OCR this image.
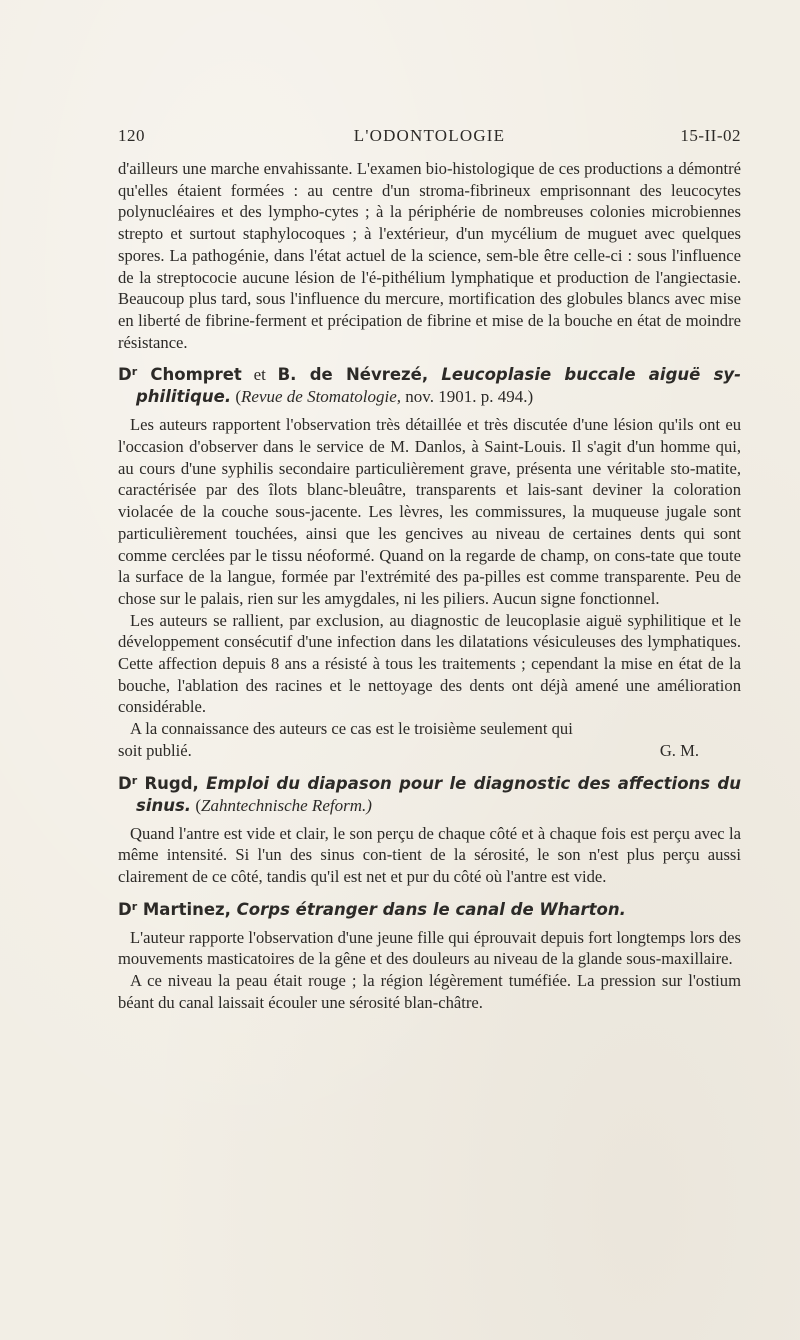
120	L'ODONTOLOGIE	15-II-02

d'ailleurs une marche envahissante. L'examen bio-histologique de ces productions a démontré qu'elles étaient formées : au centre d'un stroma-fibrineux emprisonnant des leucocytes polynucléaires et des lympho-cytes ; à la périphérie de nombreuses colonies microbiennes strepto et surtout staphylocoques ; à l'extérieur, d'un mycélium de muguet avec quelques spores. La pathogénie, dans l'état actuel de la science, sem-ble être celle-ci : sous l'influence de la streptococie aucune lésion de l'é-pithélium lymphatique et production de l'angiectasie. Beaucoup plus tard, sous l'influence du mercure, mortification des globules blancs avec mise en liberté de fibrine-ferment et précipation de fibrine et mise de la bouche en état de moindre résistance.

$D^r$ Chompret et B. de Névrezé, Leucoplasie buccale aiguë sy-philitique. (Revue de Stomatologie, nov. 1901. p. 494.)

Les auteurs rapportent l'observation très détaillée et très discutée d'une lésion qu'ils ont eu l'occasion d'observer dans le service de M. Danlos, à Saint-Louis. Il s'agit d'un homme qui, au cours d'une syphilis secondaire particulièrement grave, présenta une véritable sto-matite, caractérisée par des îlots blanc-bleuâtre, transparents et lais-sant deviner la coloration violacée de la couche sous-jacente. Les lèvres, les commissures, la muqueuse jugale sont particulièrement touchées, ainsi que les gencives au niveau de certaines dents qui sont comme cerclées par le tissu néoformé. Quand on la regarde de champ, on cons-tate que toute la surface de la langue, formée par l'extrémité des pa-pilles est comme transparente. Peu de chose sur le palais, rien sur les amygdales, ni les piliers. Aucun signe fonctionnel.

Les auteurs se rallient, par exclusion, au diagnostic de leucoplasie aiguë syphilitique et le développement consécutif d'une infection dans les dilatations vésiculeuses des lymphatiques. Cette affection depuis 8 ans a résisté à tous les traitements ; cependant la mise en état de la bouche, l'ablation des racines et le nettoyage des dents ont déjà amené une amélioration considérable.

A la connaissance des auteurs ce cas est le troisième seulement qui

soit publié.	G. M.
$D^r$ Rugd, Emploi du diapason pour le diagnostic des affections du sinus. (Zahntechnische Reform.)

Quand l'antre est vide et clair, le son perçu de chaque côté et à chaque fois est perçu avec la même intensité. Si l'un des sinus con-tient de la sérosité, le son n'est plus perçu aussi clairement de ce côté, tandis qu'il est net et pur du côté où l'antre est vide.

$D^r$ Martinez, Corps étranger dans le canal de Wharton.

L'auteur rapporte l'observation d'une jeune fille qui éprouvait depuis fort longtemps lors des mouvements masticatoires de la gêne et des douleurs au niveau de la glande sous-maxillaire.

A ce niveau la peau était rouge ; la région légèrement tuméfiée. La pression sur l'ostium béant du canal laissait écouler une sérosité blan-châtre.
